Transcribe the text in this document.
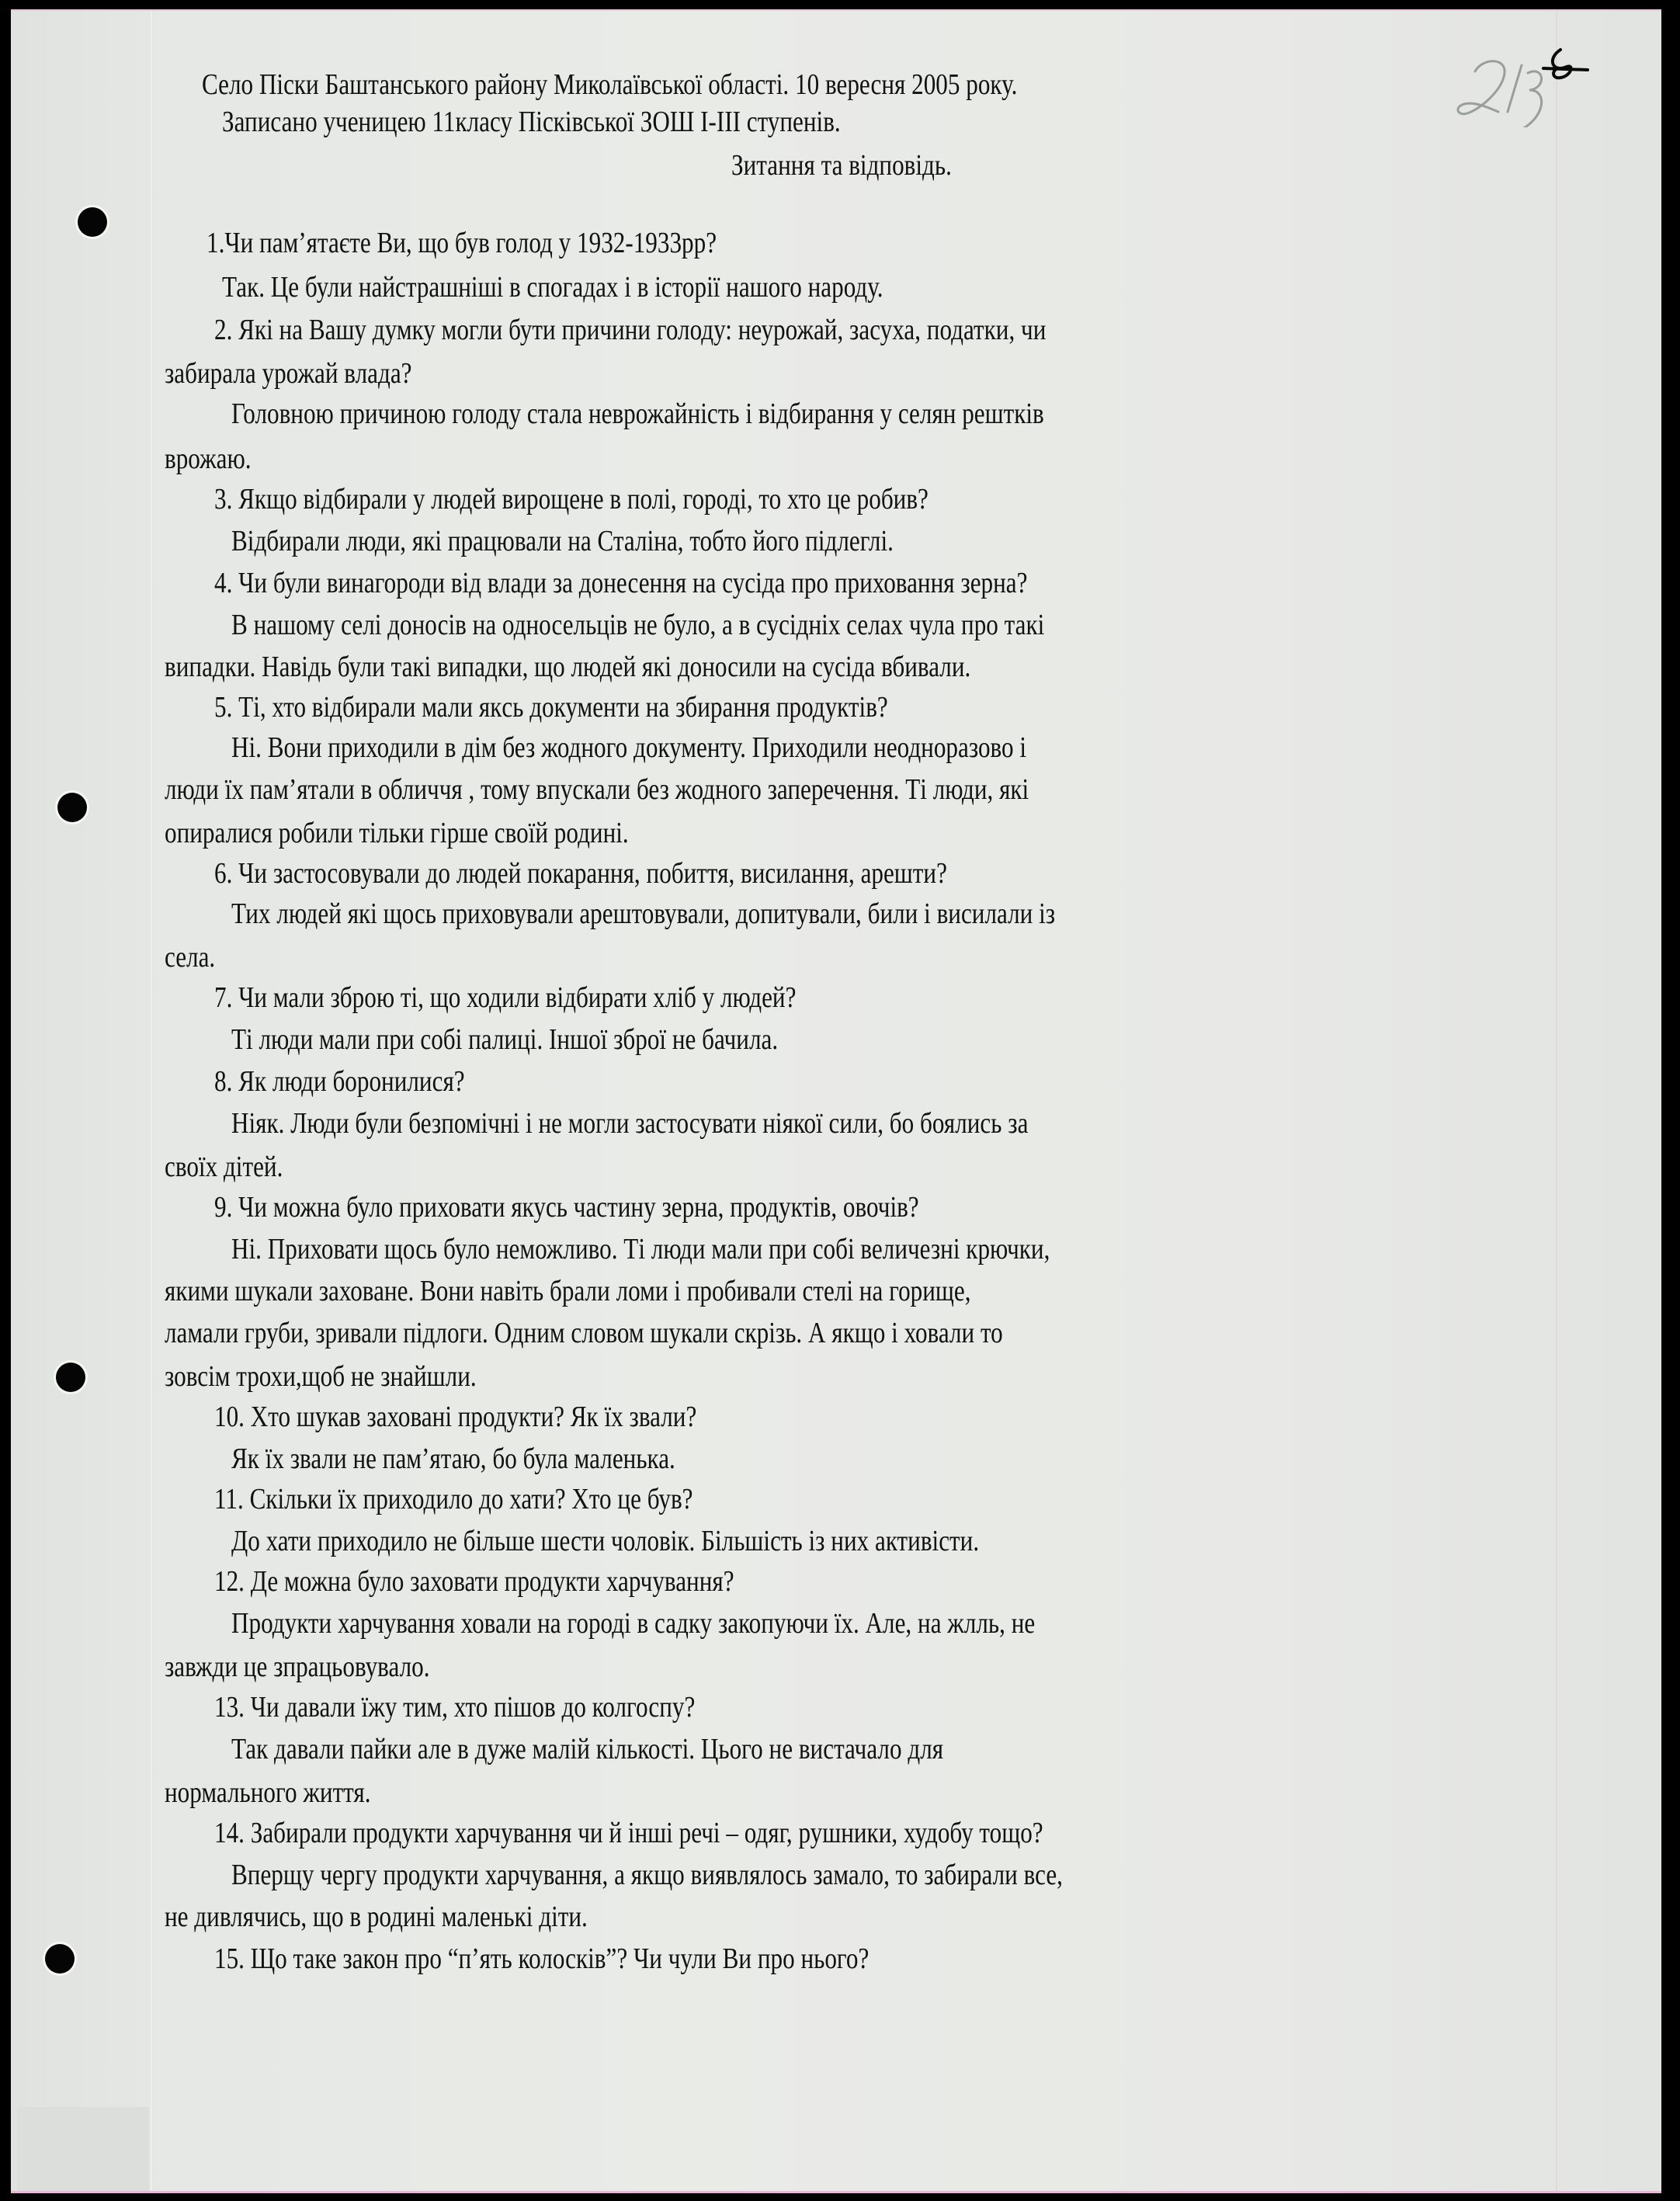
Село Піски Баштанського району Миколаївської області. 10 вересня 2005 року.
Записано ученицею 11класу Пісківської ЗОШ І-ІІІ ступенів.
Зитання та відповідь.
1.Чи пам’ятаєте Ви, що був голод у 1932-1933рр?
Так. Це були найстрашніші в спогадах і в історії нашого народу.
2. Які на Вашу думку могли бути причини голоду: неурожай, засуха, податки, чи
забирала урожай влада?
Головною причиною голоду стала неврожайність і відбирання у селян рештків
врожаю.
3. Якщо відбирали у людей вирощене в полі, городі, то хто це робив?
Відбирали люди, які працювали на Сталіна, тобто його підлеглі.
4. Чи були винагороди від влади за донесення на сусіда про приховання зерна?
В нашому селі доносів на односельців не було, а в сусідніх селах чула про такі
випадки. Навідь були такі випадки, що людей які доносили на сусіда вбивали.
5. Ті, хто відбирали мали якcь документи на збирання продуктів?
Ні. Вони приходили в дім без жодного документу. Приходили неодноразово і
люди їх пам’ятали в обличчя , тому впускали без жодного заперечення. Ті люди, які
опиралися робили тільки гірше своїй родині.
6. Чи застосовували до людей покарання, побиття, висилання, арешти?
Тих людей які щось приховували арештовували, допитували, били і висилали із
села.
7. Чи мали зброю ті, що ходили відбирати хліб у людей?
Ті люди мали при собі палиці. Іншої зброї не бачила.
8. Як люди боронилися?
Ніяк. Люди були безпомічні і не могли застосувати ніякої сили, бо боялись за
своїх дітей.
9. Чи можна було приховати якусь частину зерна, продуктів, овочів?
Ні. Приховати щось було неможливо. Ті люди мали при собі величезні крючки,
якими шукали заховане. Вони навіть брали ломи і пробивали стелі на горище,
ламали груби, зривали підлоги. Одним словом шукали скрізь. А якщо і ховали то
зовсім трохи,щоб не знайшли.
10. Хто шукав заховані продукти? Як їх звали?
Як їх звали не пам’ятаю, бо була маленька.
11. Скільки їх приходило до хати? Хто це був?
До хати приходило не більше шести чоловік. Більшість із них активісти.
12. Де можна було заховати продукти харчування?
Продукти харчування ховали на городі в садку закопуючи їх. Але, на жлль, не
завжди це зпрацьовувало.
13. Чи давали їжу тим, хто пішов до колгоспу?
Так давали пайки але в дуже малій кількості. Цього не вистачало для
нормального життя.
14. Забирали продукти харчування чи й інші речі – одяг, рушники, худобу тощо?
Вперщу чергу продукти харчування, а якщо виявлялось замало, то забирали все,
не дивлячись, що в родині маленькі діти.
15. Що таке закон про “п’ять колосків”? Чи чули Ви про нього?
